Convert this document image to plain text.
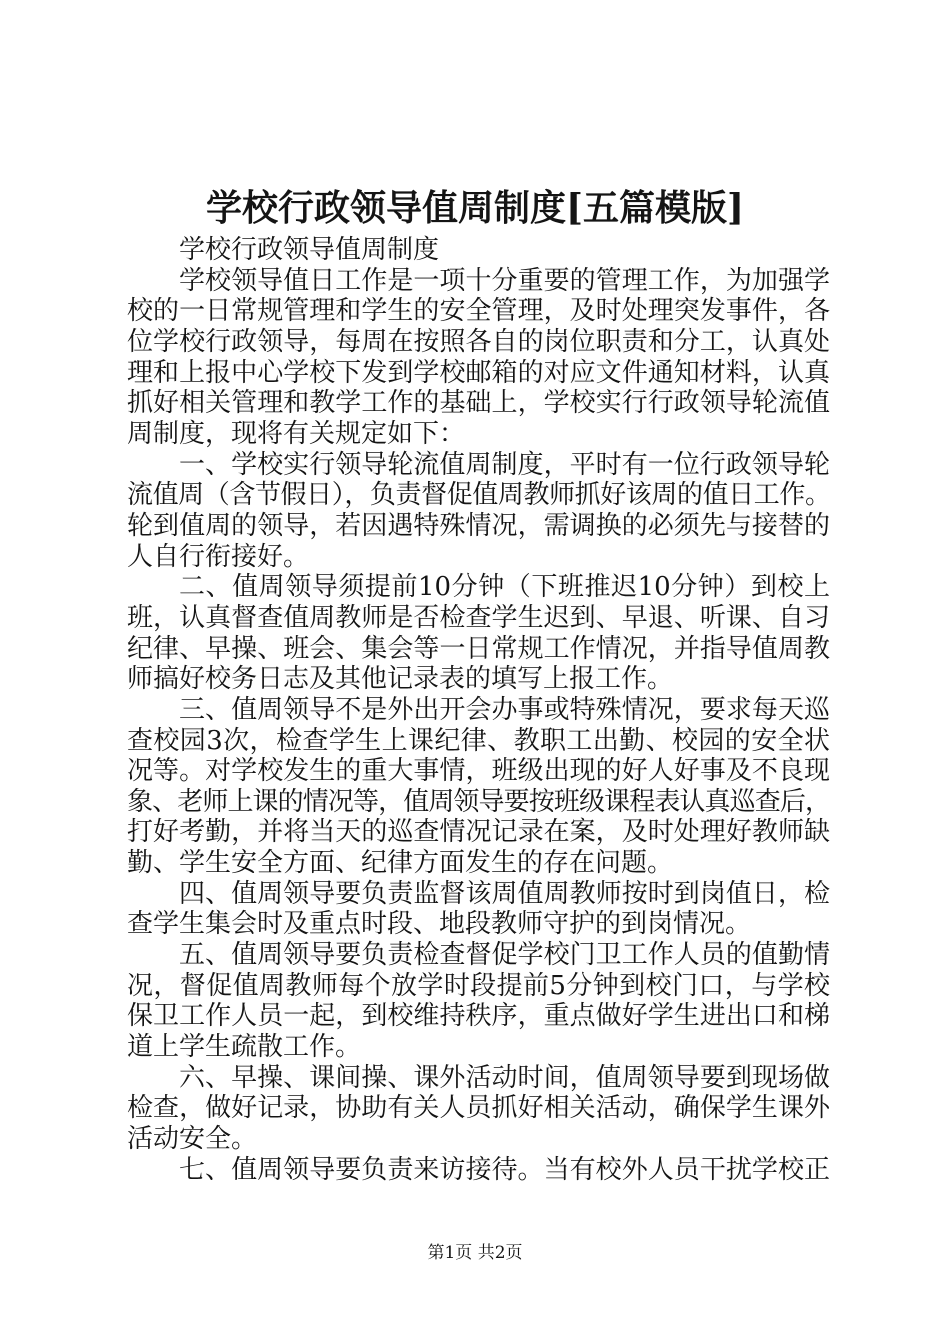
学校行政领导值周制度[五篇模版]
学校行政领导值周制度
学校领导值日工作是一项十分重要的管理工作，为加强学
校的一日常规管理和学生的安全管理，及时处理突发事件，各
位学校行政领导，每周在按照各自的岗位职责和分工，认真处
理和上报中心学校下发到学校邮箱的对应文件通知材料，认真
抓好相关管理和教学工作的基础上，学校实行行政领导轮流值
周制度，现将有关规定如下：
一、学校实行领导轮流值周制度，平时有一位行政领导轮
流值周（含节假日），负责督促值周教师抓好该周的值日工作。
轮到值周的领导，若因遇特殊情况，需调换的必须先与接替的
人自行衔接好。
二、值周领导须提前10分钟（下班推迟10分钟）到校上
班，认真督查值周教师是否检查学生迟到、早退、听课、自习
纪律、早操、班会、集会等一日常规工作情况，并指导值周教
师搞好校务日志及其他记录表的填写上报工作。
三、值周领导不是外出开会办事或特殊情况，要求每天巡
查校园3次，检查学生上课纪律、教职工出勤、校园的安全状
况等。对学校发生的重大事情，班级出现的好人好事及不良现
象、老师上课的情况等，值周领导要按班级课程表认真巡查后，
打好考勤，并将当天的巡查情况记录在案，及时处理好教师缺
勤、学生安全方面、纪律方面发生的存在问题。
四、值周领导要负责监督该周值周教师按时到岗值日，检
查学生集会时及重点时段、地段教师守护的到岗情况。
五、值周领导要负责检查督促学校门卫工作人员的值勤情
况，督促值周教师每个放学时段提前5分钟到校门口，与学校
保卫工作人员一起，到校维持秩序，重点做好学生进出口和梯
道上学生疏散工作。
六、早操、课间操、课外活动时间，值周领导要到现场做
检查，做好记录，协助有关人员抓好相关活动，确保学生课外
活动安全。
七、值周领导要负责来访接待。当有校外人员干扰学校正
第1页 共2页
